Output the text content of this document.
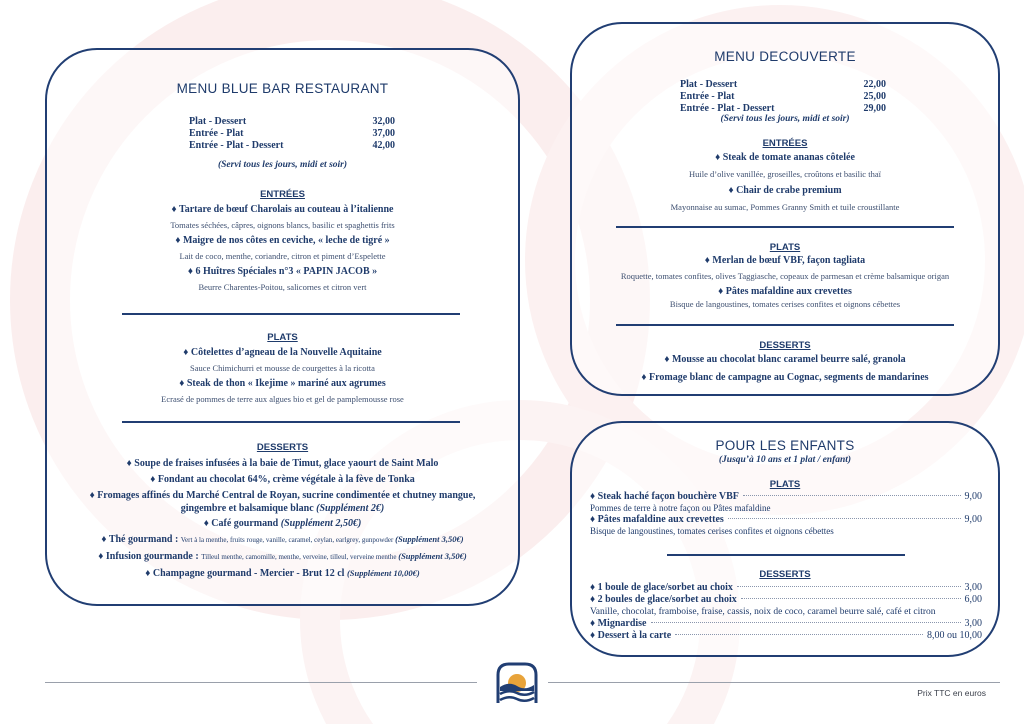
MENU BLUE BAR RESTAURANT
Plat - Dessert	32,00
Entrée - Plat	37,00
Entrée - Plat - Dessert	42,00
(Servi tous les jours, midi et soir)
ENTRÉES
♦ Tartare de bœuf Charolais au couteau à l’italienne
Tomates séchées, câpres, oignons blancs, basilic et spaghettis frits
♦ Maigre de nos côtes en ceviche, « leche de tigré »
Lait de coco, menthe, coriandre, citron et piment d’Espelette
♦ 6 Huîtres Spéciales n°3 « PAPIN JACOB »
Beurre Charentes-Poitou, salicornes et citron vert
PLATS
♦ Côtelettes d’agneau de la Nouvelle Aquitaine
Sauce Chimichurri et mousse de courgettes à la ricotta
♦ Steak de thon « Ikejime » mariné aux agrumes
Ecrasé de pommes de terre aux algues bio et gel de pamplemousse rose
DESSERTS
♦ Soupe de fraises infusées à la baie de Timut, glace yaourt de Saint Malo
♦ Fondant au chocolat 64%, crème végétale à la fève de Tonka
♦ Fromages affinés du Marché Central de Royan, sucrine condimentée et chutney mangue,
gingembre et balsamique blanc (Supplément 2€)
♦ Café gourmand (Supplément 2,50€)
♦ Thé gourmand : Vert à la menthe, fruits rouge, vanille, caramel, ceylan, earlgrey, gunpowder (Supplément 3,50€)
♦ Infusion gourmande : Tilleul menthe, camomille, menthe, verveine, tilleul, verveine menthe (Supplément 3,50€)
♦ Champagne gourmand - Mercier - Brut 12 cl (Supplément 10,00€)
MENU DECOUVERTE
Plat - Dessert	22,00
Entrée - Plat	25,00
Entrée - Plat - Dessert	29,00
(Servi tous les jours, midi et soir)
ENTRÉES
♦ Steak de tomate ananas côtelée
Huile d’olive vanillée, groseilles, croûtons et basilic thaï
♦ Chair de crabe premium
Mayonnaise au sumac, Pommes Granny Smith et tuile croustillante
PLATS
♦ Merlan de bœuf VBF, façon tagliata
Roquette, tomates confites, olives Taggiasche, copeaux de parmesan et crème balsamique origan
♦ Pâtes mafaldine aux crevettes
Bisque de langoustines, tomates cerises confites et oignons cébettes
DESSERTS
♦ Mousse au chocolat blanc caramel beurre salé, granola
♦ Fromage blanc de campagne au Cognac, segments de mandarines
POUR LES ENFANTS
(Jusqu’à 10 ans et 1 plat / enfant)
PLATS
♦ Steak haché façon bouchère VBF	9,00
Pommes de terre à notre façon ou Pâtes mafaldine
♦ Pâtes mafaldine aux crevettes	9,00
Bisque de langoustines, tomates cerises confites et oignons cébettes
DESSERTS
♦ 1 boule de glace/sorbet au choix	3,00
♦ 2 boules de glace/sorbet au choix	6,00
Vanille, chocolat, framboise, fraise, cassis, noix de coco, caramel beurre salé, café et citron
♦ Mignardise	3,00
♦ Dessert à la carte	8,00 ou 10,00
Prix TTC en euros
